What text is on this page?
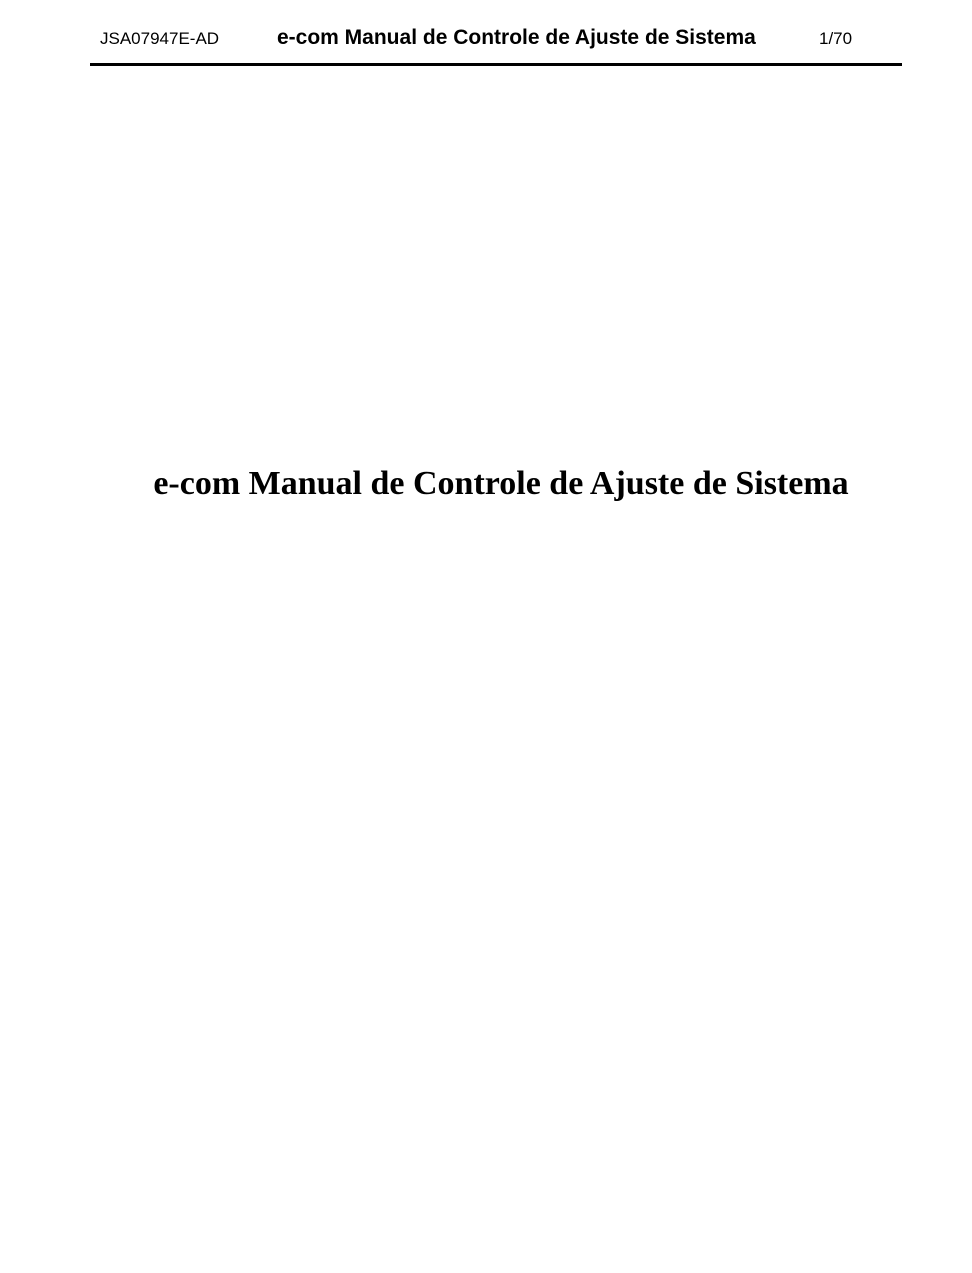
JSA07947E-AD	e-com Manual de Controle de Ajuste de Sistema	1/70
e-com Manual de Controle de Ajuste de Sistema
